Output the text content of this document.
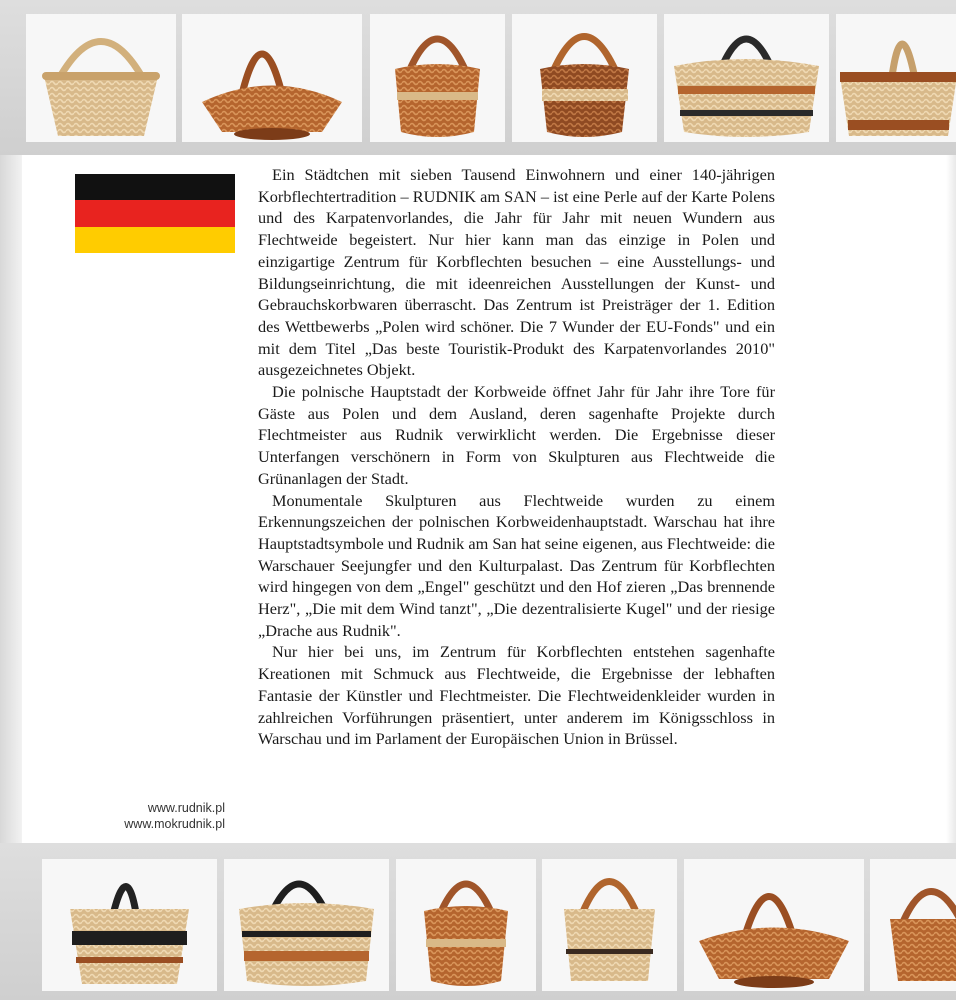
Ein Städtchen mit sieben Tausend Einwohnern und einer 140-jährigen Korbflechtertradition – RUDNIK am SAN – ist eine Perle auf der Karte Polens und des Karpatenvorlandes, die Jahr für Jahr mit neuen Wundern aus Flechtweide begeistert. Nur hier kann man das einzige in Polen und einzigartige Zentrum für Korbflechten besuchen – eine Ausstellungs- und Bildungseinrichtung, die mit ideenreichen Ausstellungen der Kunst- und Gebrauchskorbwaren überrascht. Das Zentrum ist Preisträger der 1. Edition des Wettbewerbs „Polen wird schöner. Die 7 Wunder der EU-Fonds" und ein mit dem Titel „Das beste Touristik-Produkt des Karpatenvorlandes 2010" ausgezeichnetes Objekt.

Die polnische Hauptstadt der Korbweide öffnet Jahr für Jahr ihre Tore für Gäste aus Polen und dem Ausland, deren sagenhafte Projekte durch Flechtmeister aus Rudnik verwirklicht werden. Die Ergebnisse dieser Unterfangen verschönern in Form von Skulpturen aus Flechtweide die Grünanlagen der Stadt.

Monumentale Skulpturen aus Flechtweide wurden zu einem Erkennungszeichen der polnischen Korbweidenhauptstadt. Warschau hat ihre Hauptstadtsymbole und Rudnik am San hat seine eigenen, aus Flechtweide: die Warschauer Seejungfer und den Kulturpalast. Das Zentrum für Korbflechten wird hingegen von dem „Engel" geschützt und den Hof zieren „Das brennende Herz", „Die mit dem Wind tanzt", „Die dezentralisierte Kugel" und der riesige „Drache aus Rudnik".

Nur hier bei uns, im Zentrum für Korbflechten entstehen sagenhafte Kreationen mit Schmuck aus Flechtweide, die Ergebnisse der lebhaften Fantasie der Künstler und Flechtmeister. Die Flechtweidenkleider wurden in zahlreichen Vorführungen präsentiert, unter anderem im Königsschloss in Warschau und im Parlament der Europäischen Union in Brüssel.

www.rudnik.pl
www.mokrudnik.pl
